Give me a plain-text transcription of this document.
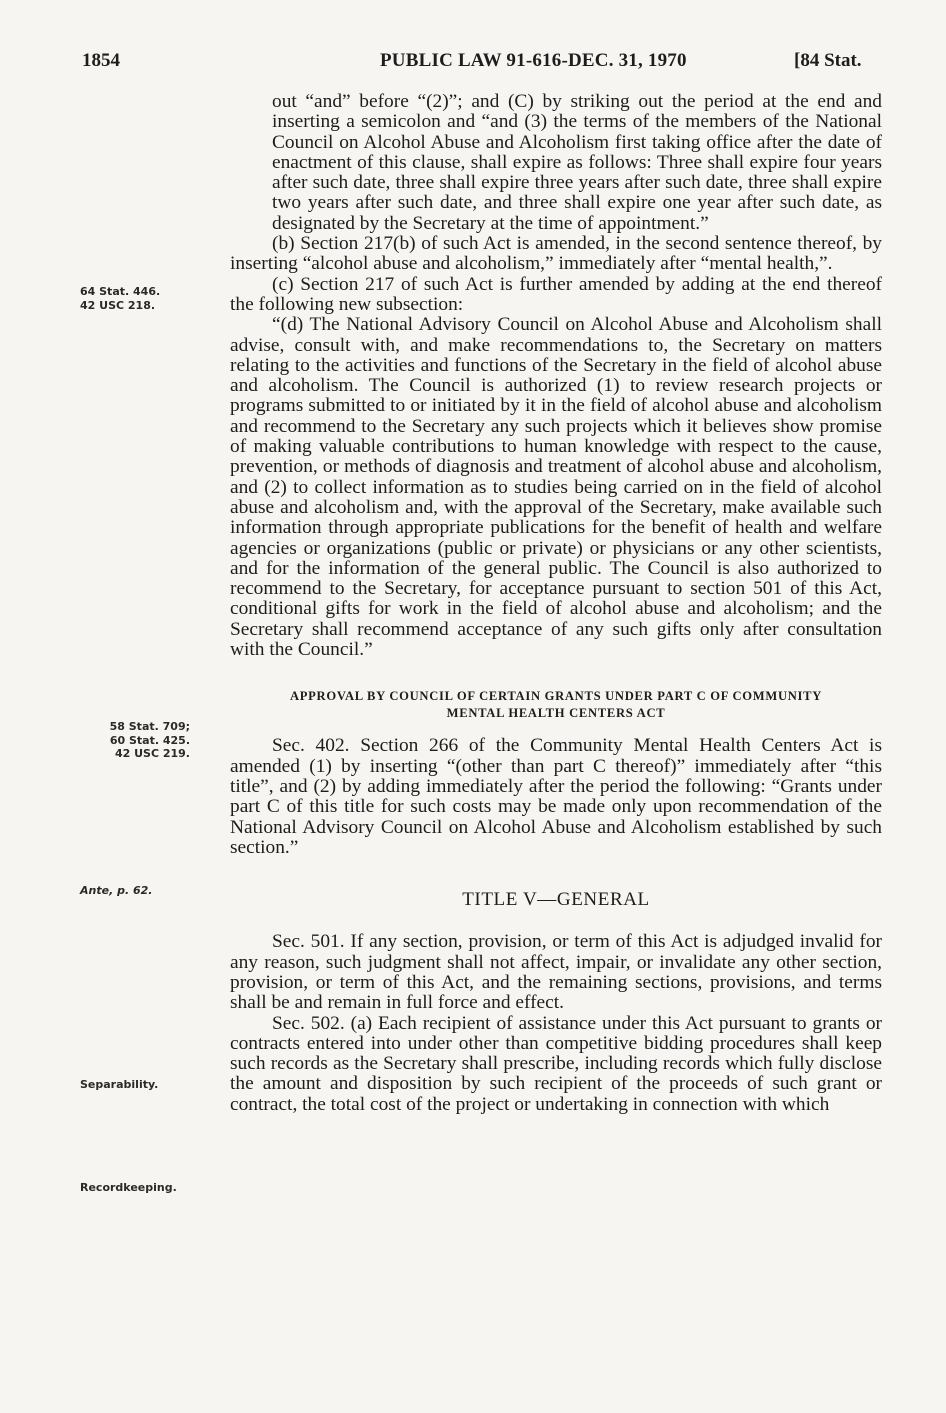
1854	PUBLIC LAW 91-616-DEC. 31, 1970	[84 Stat.
64 Stat. 446.
42 USC 218.
58 Stat. 709;
60 Stat. 425.
42 USC 219.
Ante, p. 62.
Separability.
Recordkeeping.

out “and” before “(2)”; and (C) by striking out the period at the end and inserting a semicolon and “and (3) the terms of the members of the National Council on Alcohol Abuse and Alcoholism first taking office after the date of enactment of this clause, shall expire as follows: Three shall expire four years after such date, three shall expire three years after such date, three shall expire two years after such date, and three shall expire one year after such date, as designated by the Secretary at the time of appointment.”

(b) Section 217(b) of such Act is amended, in the second sentence thereof, by inserting “alcohol abuse and alcoholism,” immediately after “mental health,”.

(c) Section 217 of such Act is further amended by adding at the end thereof the following new subsection:

“(d) The National Advisory Council on Alcohol Abuse and Alcoholism shall advise, consult with, and make recommendations to, the Secretary on matters relating to the activities and functions of the Secretary in the field of alcohol abuse and alcoholism. The Council is authorized (1) to review research projects or programs submitted to or initiated by it in the field of alcohol abuse and alcoholism and recommend to the Secretary any such projects which it believes show promise of making valuable contributions to human knowledge with respect to the cause, prevention, or methods of diagnosis and treatment of alcohol abuse and alcoholism, and (2) to collect information as to studies being carried on in the field of alcohol abuse and alcoholism and, with the approval of the Secretary, make available such information through appropriate publications for the benefit of health and welfare agencies or organizations (public or private) or physicians or any other scientists, and for the information of the general public. The Council is also authorized to recommend to the Secretary, for acceptance pursuant to section 501 of this Act, conditional gifts for work in the field of alcohol abuse and alcoholism; and the Secretary shall recommend acceptance of any such gifts only after consultation with the Council.”

APPROVAL BY COUNCIL OF CERTAIN GRANTS UNDER PART C OF COMMUNITY
MENTAL HEALTH CENTERS ACT

Sec. 402. Section 266 of the Community Mental Health Centers Act is amended (1) by inserting “(other than part C thereof)” immediately after “this title”, and (2) by adding immediately after the period the following: “Grants under part C of this title for such costs may be made only upon recommendation of the National Advisory Council on Alcohol Abuse and Alcoholism established by such section.”

TITLE V—GENERAL

Sec. 501. If any section, provision, or term of this Act is adjudged invalid for any reason, such judgment shall not affect, impair, or invalidate any other section, provision, or term of this Act, and the remaining sections, provisions, and terms shall be and remain in full force and effect.

Sec. 502. (a) Each recipient of assistance under this Act pursuant to grants or contracts entered into under other than competitive bidding procedures shall keep such records as the Secretary shall prescribe, including records which fully disclose the amount and disposition by such recipient of the proceeds of such grant or contract, the total cost of the project or undertaking in connection with which
